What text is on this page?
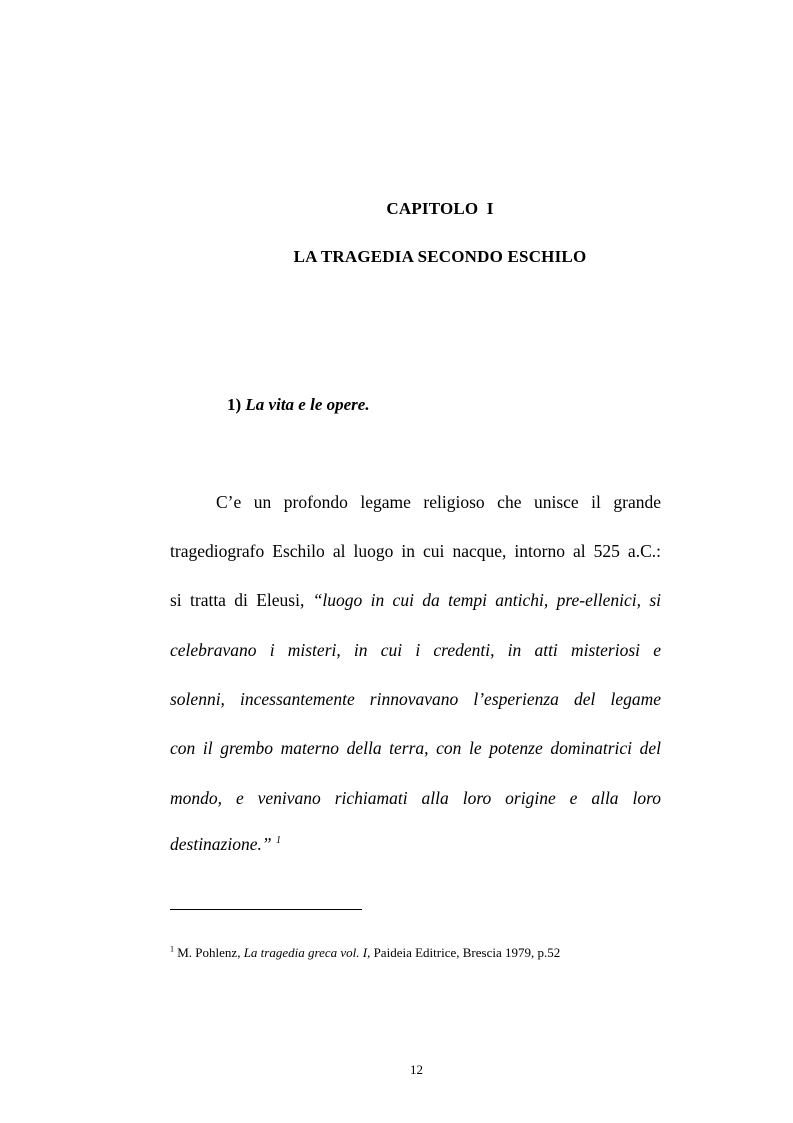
CAPITOLO I
LA TRAGEDIA SECONDO ESCHILO
1) La vita e le opere.
C’e un profondo legame religioso che unisce il grande
tragediografo Eschilo al luogo in cui nacque, intorno al 525 a.C.:
si tratta di Eleusi, “luogo in cui da tempi antichi, pre-ellenici, si
celebravano i misteri, in cui i credenti, in atti misteriosi e
solenni, incessantemente rinnovavano l’esperienza del legame
con il grembo materno della terra, con le potenze dominatrici del
mondo, e venivano richiamati alla loro origine e alla loro
destinazione.” $^1$
$^1$ M. Pohlenz, La tragedia greca vol. I, Paideia Editrice, Brescia 1979, p.52
12
